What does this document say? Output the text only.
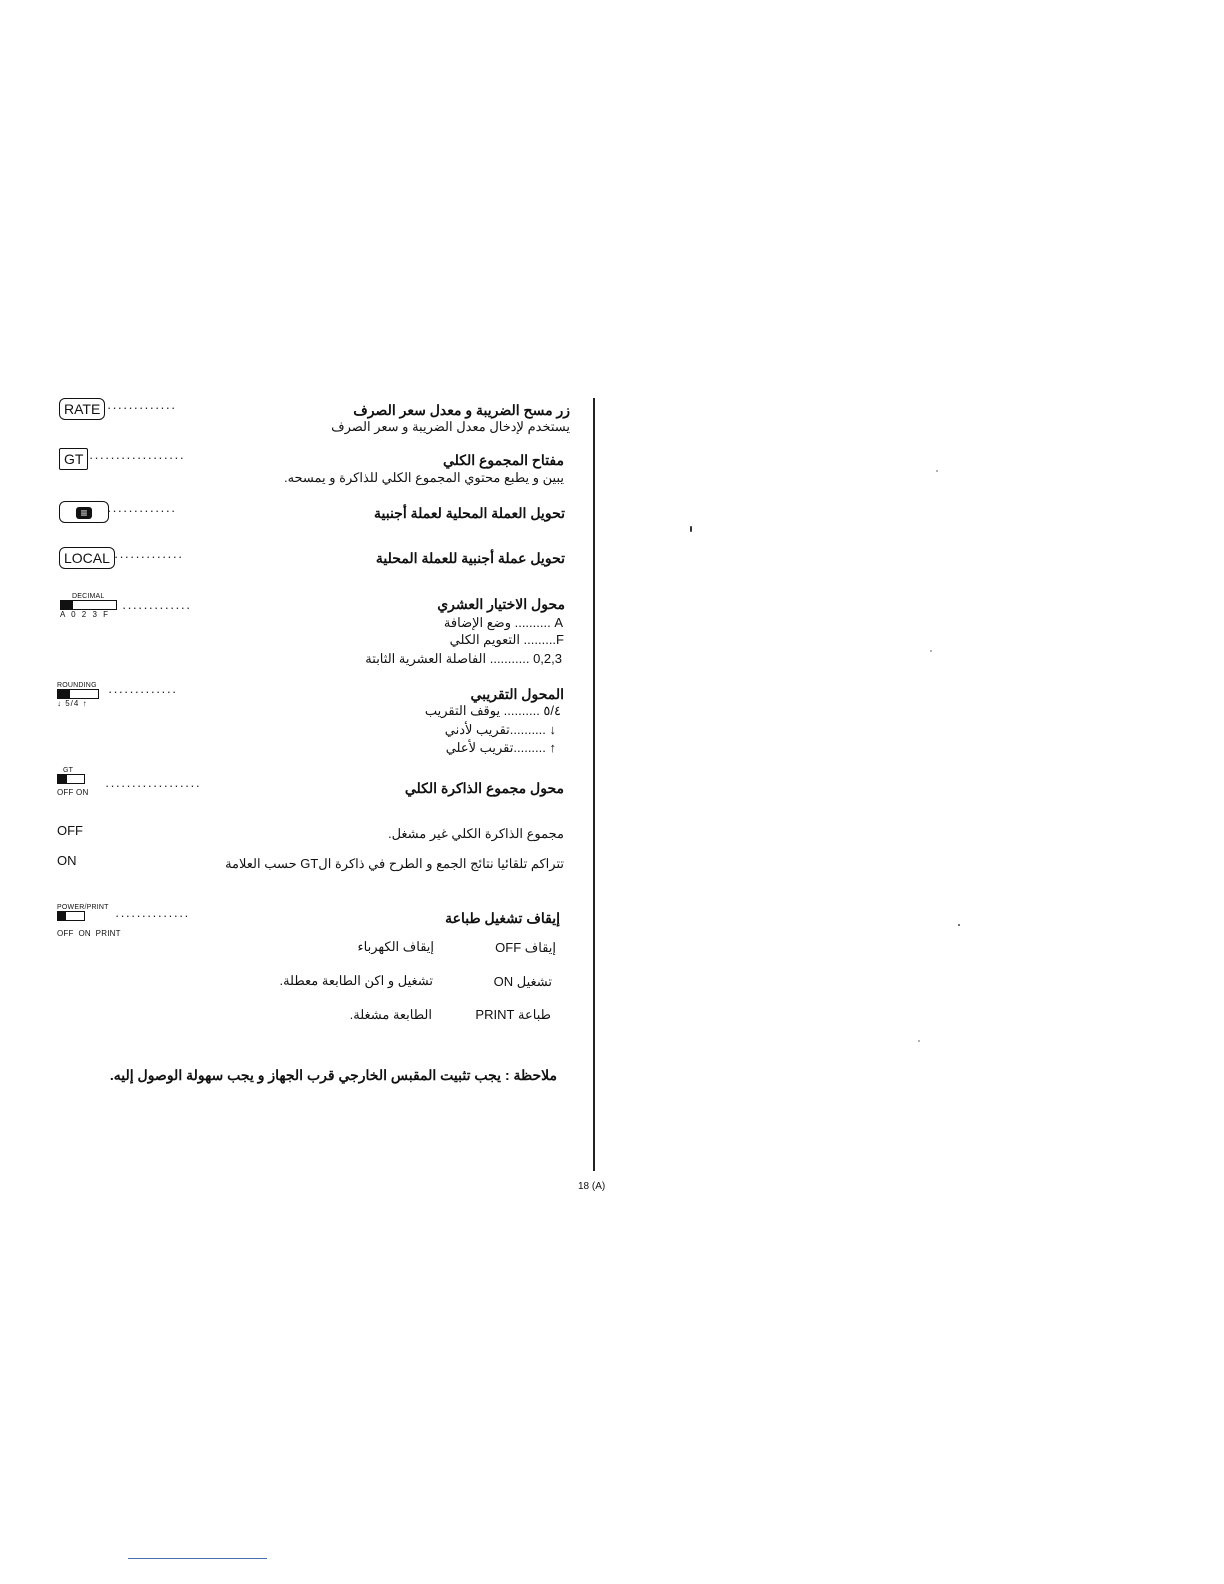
RATE ·············
GT ··················
≡	·············
LOCAL ·············
DECIMAL
A 0 2 3 F ·············
ROUNDING
↓ 5/4 ↑
·············
GT
OFF ON	··················
OFF
ON
POWER/PRINT
OFF  ON  PRINT
··············
زر مسح الضريبة و معدل سعر الصرف
يستخدم لإدخال معدل الضريبة و سعر الصرف
مفتاح المجموع الكلي
يبين و يطبع محتوي المجموع الكلي للذاكرة و يمسحه.
تحويل العملة المحلية لعملة أجنبية
تحويل عملة أجنبية للعملة المحلية
محول الاختيار العشري
A .......... وضع الإضافة
F......... التعويم الكلي
0,2,3 ........... الفاصلة العشرية الثابتة
المحول التقريبي
٥/٤ .......... يوقف التقريب
↓ ..........تقريب لأدني
↑ .........تقريب لأعلي
محول مجموع الذاكرة الكلي
مجموع الذاكرة الكلي غير مشغل.
تتراكم تلقائيا نتائج الجمع و الطرح في ذاكرة الGT حسب العلامة
إيقاف تشغيل طباعة
إيقاف OFF
إيقاف الكهرباء
تشغيل ON
تشغيل و اكن الطابعة معطلة.
طباعة PRINT
الطابعة مشغلة.
ملاحظة : يجب تثبيت المقبس الخارجي قرب الجهاز و يجب سهولة الوصول إليه.
18 (A)
